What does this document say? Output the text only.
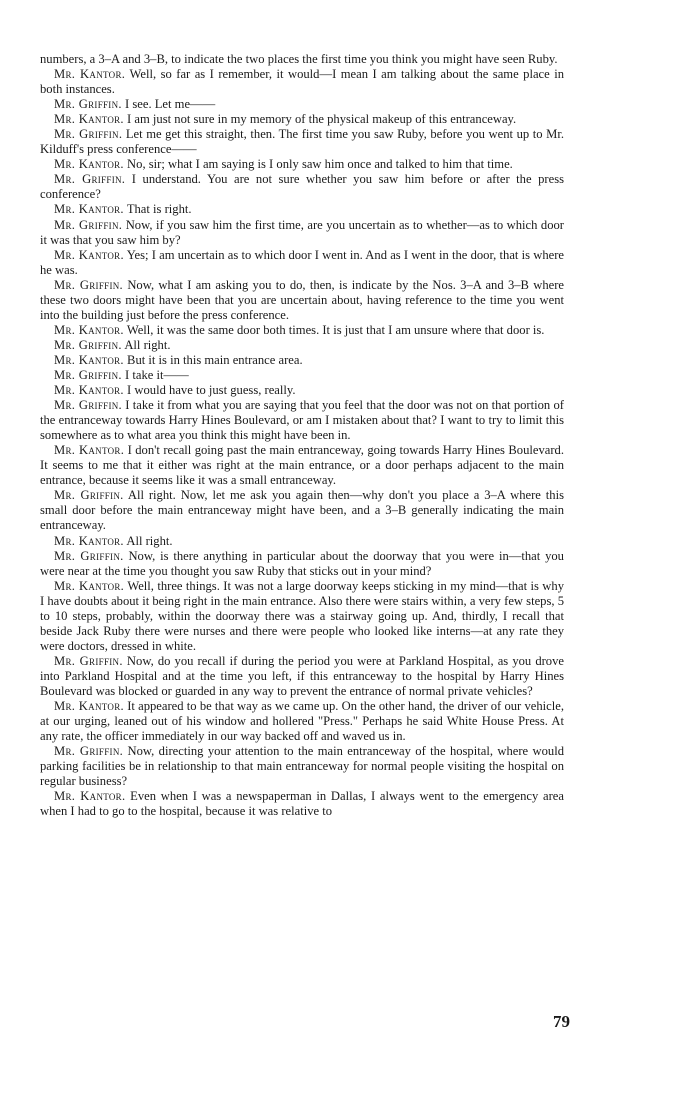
numbers, a 3–A and 3–B, to indicate the two places the first time you think you might have seen Ruby.

Mr. Kantor. Well, so far as I remember, it would—I mean I am talking about the same place in both instances.

Mr. Griffin. I see. Let me——

Mr. Kantor. I am just not sure in my memory of the physical makeup of this entranceway.

Mr. Griffin. Let me get this straight, then. The first time you saw Ruby, before you went up to Mr. Kilduff's press conference——

Mr. Kantor. No, sir; what I am saying is I only saw him once and talked to him that time.

Mr. Griffin. I understand. You are not sure whether you saw him before or after the press conference?

Mr. Kantor. That is right.

Mr. Griffin. Now, if you saw him the first time, are you uncertain as to whether—as to which door it was that you saw him by?

Mr. Kantor. Yes; I am uncertain as to which door I went in. And as I went in the door, that is where he was.

Mr. Griffin. Now, what I am asking you to do, then, is indicate by the Nos. 3–A and 3–B where these two doors might have been that you are uncertain about, having reference to the time you went into the building just before the press conference.

Mr. Kantor. Well, it was the same door both times. It is just that I am unsure where that door is.

Mr. Griffin. All right.

Mr. Kantor. But it is in this main entrance area.

Mr. Griffin. I take it——

Mr. Kantor. I would have to just guess, really.

Mr. Griffin. I take it from what you are saying that you feel that the door was not on that portion of the entranceway towards Harry Hines Boulevard, or am I mistaken about that? I want to try to limit this somewhere as to what area you think this might have been in.

Mr. Kantor. I don't recall going past the main entranceway, going towards Harry Hines Boulevard. It seems to me that it either was right at the main entrance, or a door perhaps adjacent to the main entrance, because it seems like it was a small entranceway.

Mr. Griffin. All right. Now, let me ask you again then—why don't you place a 3–A where this small door before the main entranceway might have been, and a 3–B generally indicating the main entranceway.

Mr. Kantor. All right.

Mr. Griffin. Now, is there anything in particular about the doorway that you were in—that you were near at the time you thought you saw Ruby that sticks out in your mind?

Mr. Kantor. Well, three things. It was not a large doorway keeps sticking in my mind—that is why I have doubts about it being right in the main entrance. Also there were stairs within, a very few steps, 5 to 10 steps, probably, within the doorway there was a stairway going up. And, thirdly, I recall that beside Jack Ruby there were nurses and there were people who looked like interns—at any rate they were doctors, dressed in white.

Mr. Griffin. Now, do you recall if during the period you were at Parkland Hospital, as you drove into Parkland Hospital and at the time you left, if this entranceway to the hospital by Harry Hines Boulevard was blocked or guarded in any way to prevent the entrance of normal private vehicles?

Mr. Kantor. It appeared to be that way as we came up. On the other hand, the driver of our vehicle, at our urging, leaned out of his window and hollered "Press." Perhaps he said White House Press. At any rate, the officer immediately in our way backed off and waved us in.

Mr. Griffin. Now, directing your attention to the main entranceway of the hospital, where would parking facilities be in relationship to that main entranceway for normal people visiting the hospital on regular business?

Mr. Kantor. Even when I was a newspaperman in Dallas, I always went to the emergency area when I had to go to the hospital, because it was relative to

79
